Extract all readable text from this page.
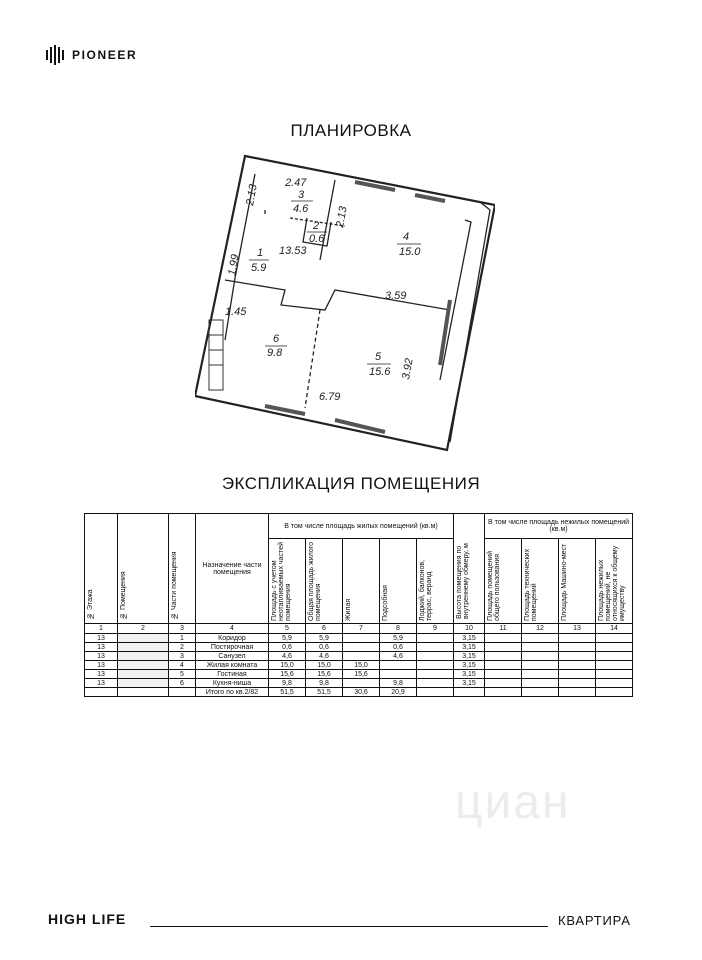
PIONEER
ПЛАНИРОВКА
2.47
2.13
2.13
13.53
1.99
3.59
1.45
6.79
3.92
3
4.6
2
0.6	4
15.0
1
5.9
6
9.8	5
15.6
ЭКСПЛИКАЦИЯ ПОМЕЩЕНИЯ
№ Этажа	№ Помещения	№ Части помещения	Назначение части помещения	В том числе площадь жилых помещений (кв.м)					Высота помещения по внутреннему обмеру, м	В том числе площадь нежилых помещений (кв.м)			

				Площадь с учетом неотапливаемых частей помещения	Общая площадь жилого помещения	Жилая	Подсобная	Лоджий, балконов, террас, веранд		Площадь помещений общего пользования	Площадь технических помещений	Площадь Машино-мест	Площадь нежилых помещений, не относящихся к общему имуществу

1	2	3	4	5	6	7	8	9	10	11	12	13	14
13		1	Коридор	5,9	5,9		5,9		3,15				
13		2	Постирочная	0,6	0,6		0,6		3,15				
13		3	Санузел	4,6	4,6		4,6		3,15				
13		4	Жилая комната	15,0	15,0	15,0			3,15				
13		5	Гостиная	15,6	15,6	15,6			3,15				
13		6	Кухня-ниша	9,8	9,8		9,8		3,15				
			Итого по кв.2/82	51,5	51,5	30,6	20,9						
циан
HIGH LIFE	КВАРТИРА
